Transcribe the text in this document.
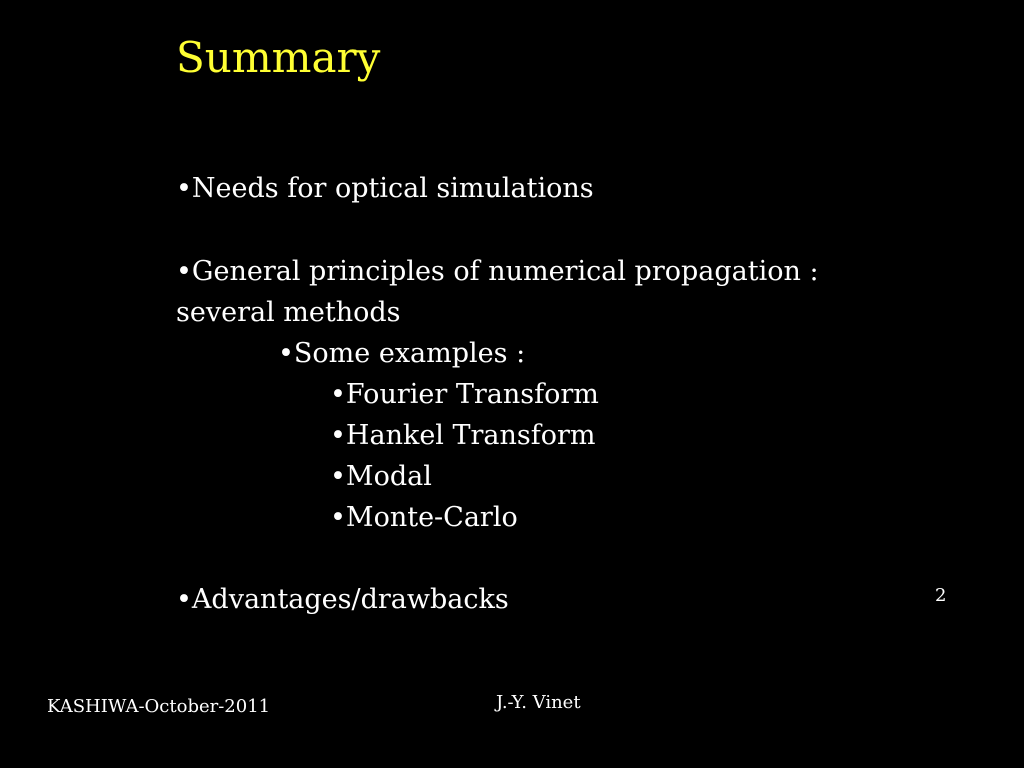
Summary
•Needs for optical simulations
•General principles of numerical propagation :
several methods
•Some examples :
•Fourier Transform
•Hankel Transform
•Modal
•Monte-Carlo
•Advantages/drawbacks	2
KASHIWA-October-2011	J.-Y. Vinet
